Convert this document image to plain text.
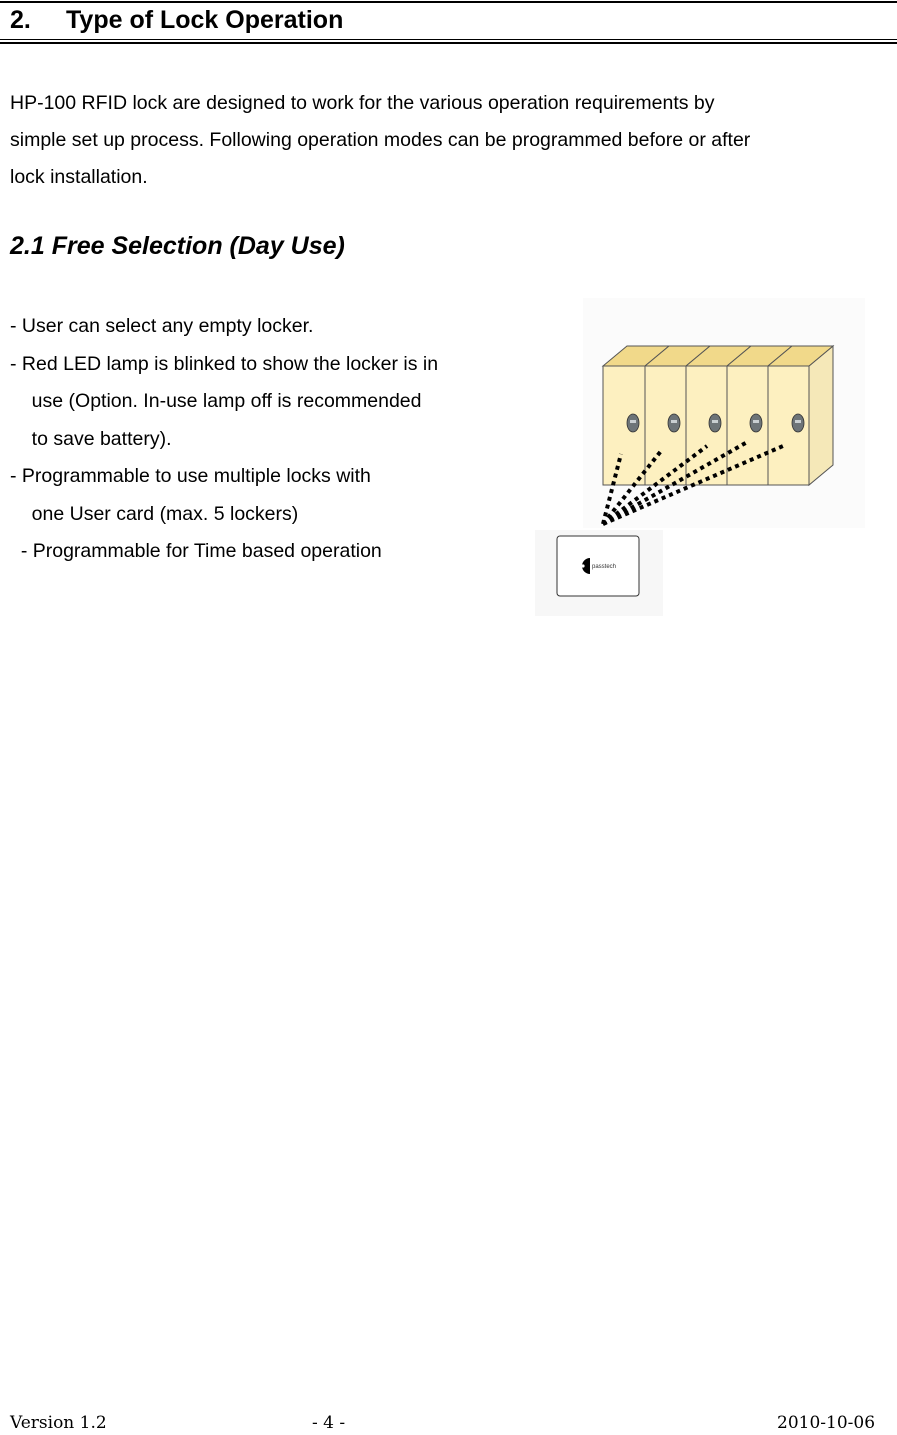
2. Type of Lock Operation
HP-100 RFID lock are designed to work for the various operation requirements by
simple set up process. Following operation modes can be programmed before or after
lock installation.
2.1 Free Selection (Day Use)
- User can select any empty locker.
- Red LED lamp is blinked to show the locker is in
use (Option. In-use lamp off is recommended
to save battery).
- Programmable to use multiple locks with
one User card (max. 5 lockers)
- Programmable for Time based operation
passtech
Version 1.2	- 4 -	2010-10-06
